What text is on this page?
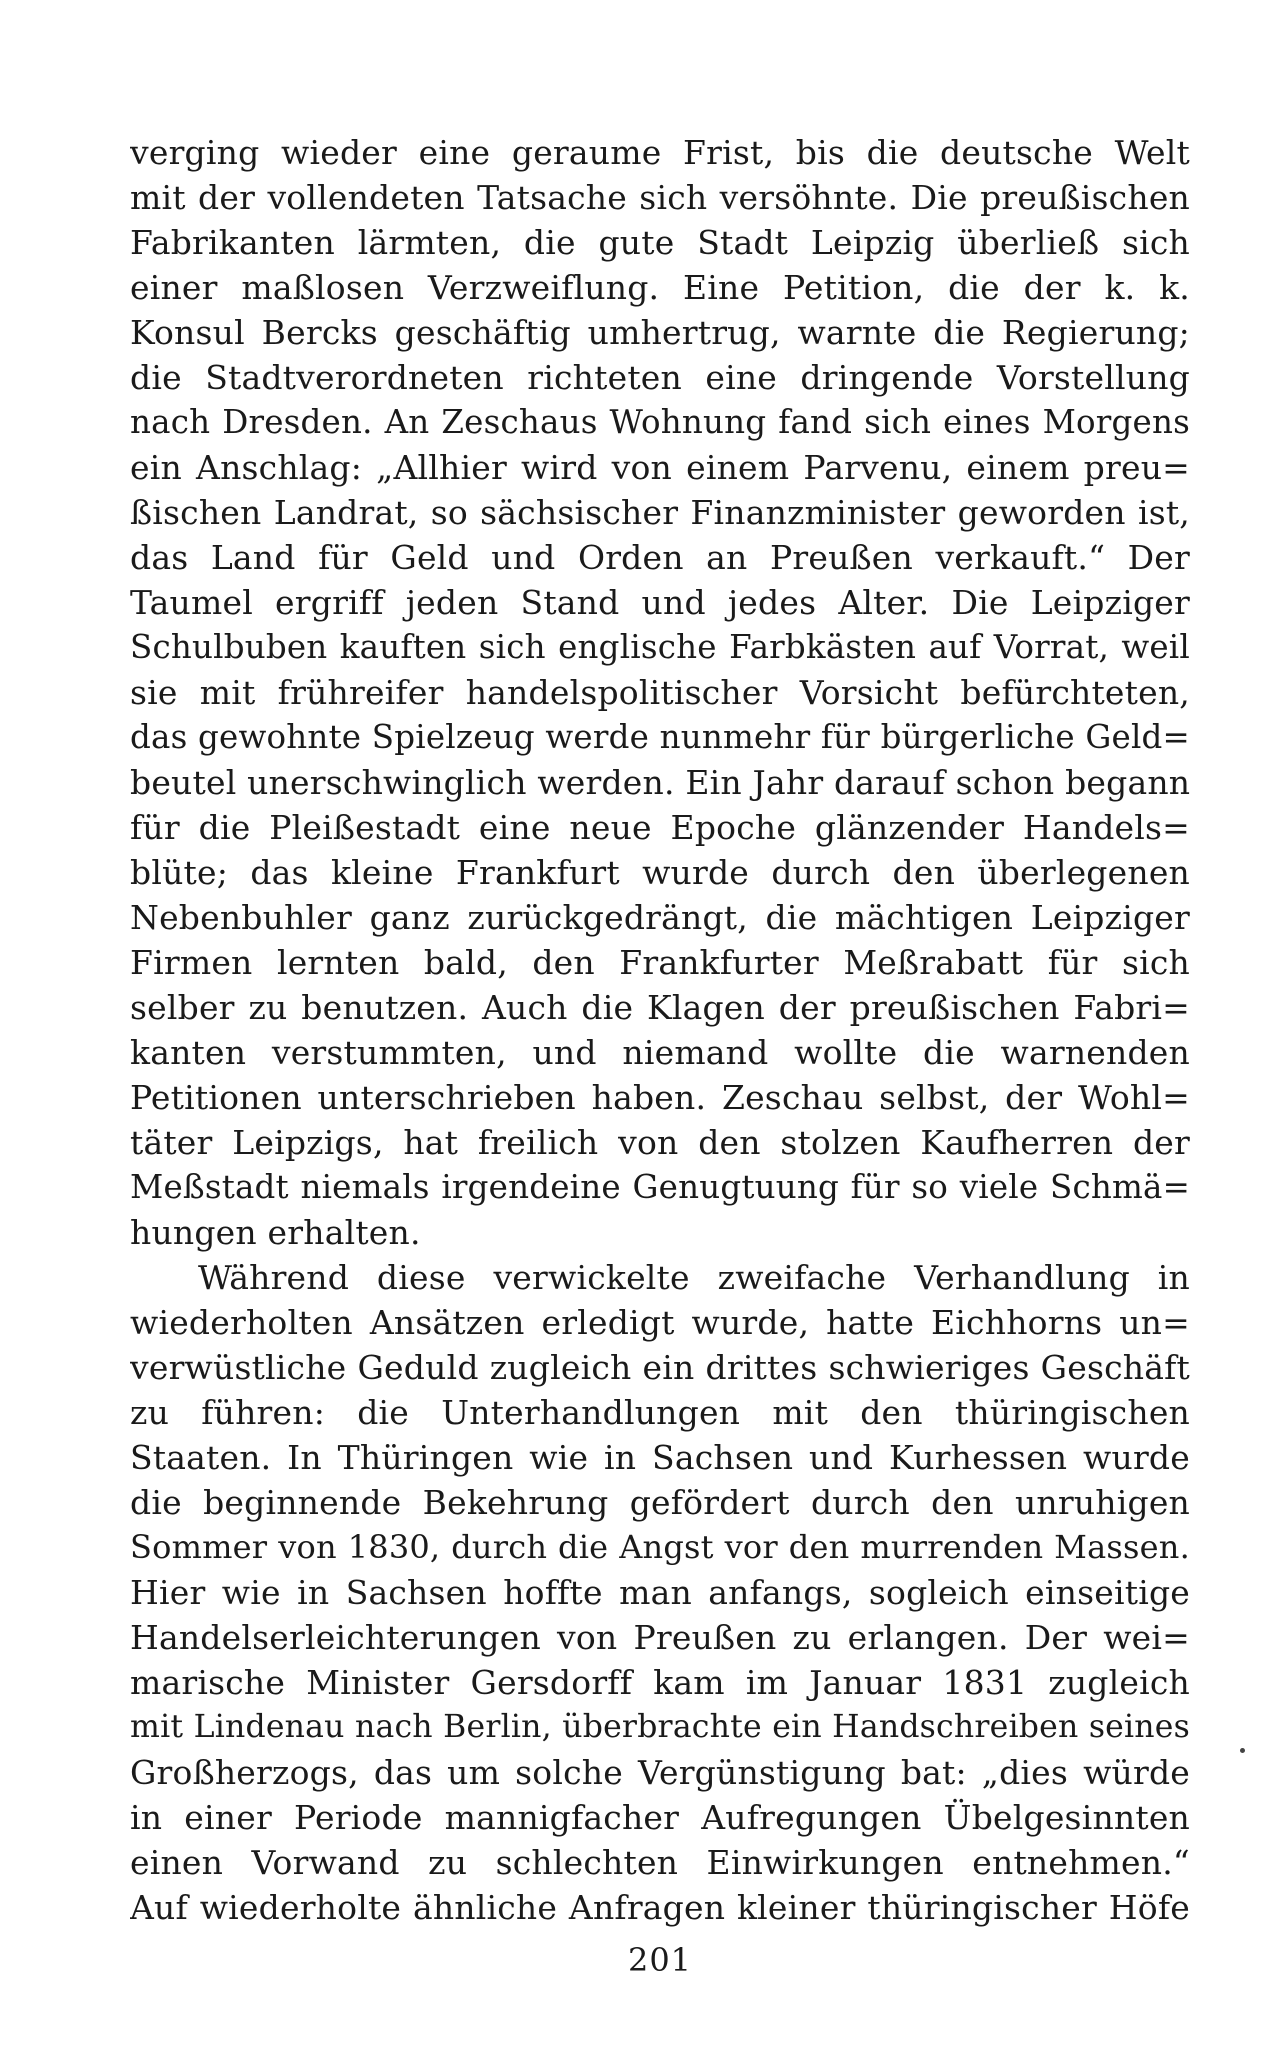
verging wieder eine geraume Frist, bis die deutsche Welt
mit der vollendeten Tatsache sich versöhnte. Die preußischen
Fabrikanten lärmten, die gute Stadt Leipzig überließ sich
einer maßlosen Verzweiflung. Eine Petition, die der k. k.
Konsul Bercks geschäftig umhertrug, warnte die Regierung;
die Stadtverordneten richteten eine dringende Vorstellung
nach Dresden. An Zeschaus Wohnung fand sich eines Morgens
ein Anschlag: „Allhier wird von einem Parvenu, einem preu=
ßischen Landrat, so sächsischer Finanzminister geworden ist,
das Land für Geld und Orden an Preußen verkauft.“ Der
Taumel ergriff jeden Stand und jedes Alter. Die Leipziger
Schulbuben kauften sich englische Farbkästen auf Vorrat, weil
sie mit frühreifer handelspolitischer Vorsicht befürchteten,
das gewohnte Spielzeug werde nunmehr für bürgerliche Geld=
beutel unerschwinglich werden. Ein Jahr darauf schon begann
für die Pleißestadt eine neue Epoche glänzender Handels=
blüte; das kleine Frankfurt wurde durch den überlegenen
Nebenbuhler ganz zurückgedrängt, die mächtigen Leipziger
Firmen lernten bald, den Frankfurter Meßrabatt für sich
selber zu benutzen. Auch die Klagen der preußischen Fabri=
kanten verstummten, und niemand wollte die warnenden
Petitionen unterschrieben haben. Zeschau selbst, der Wohl=
täter Leipzigs, hat freilich von den stolzen Kaufherren der
Meßstadt niemals irgendeine Genugtuung für so viele Schmä=
hungen erhalten.
Während diese verwickelte zweifache Verhandlung in
wiederholten Ansätzen erledigt wurde, hatte Eichhorns un=
verwüstliche Geduld zugleich ein drittes schwieriges Geschäft
zu führen: die Unterhandlungen mit den thüringischen
Staaten. In Thüringen wie in Sachsen und Kurhessen wurde
die beginnende Bekehrung gefördert durch den unruhigen
Sommer von 1830, durch die Angst vor den murrenden Massen.
Hier wie in Sachsen hoffte man anfangs, sogleich einseitige
Handelserleichterungen von Preußen zu erlangen. Der wei=
marische Minister Gersdorff kam im Januar 1831 zugleich
mit Lindenau nach Berlin, überbrachte ein Handschreiben seines
Großherzogs, das um solche Vergünstigung bat: „dies würde
in einer Periode mannigfacher Aufregungen Übelgesinnten
einen Vorwand zu schlechten Einwirkungen entnehmen.“
Auf wiederholte ähnliche Anfragen kleiner thüringischer Höfe
201
